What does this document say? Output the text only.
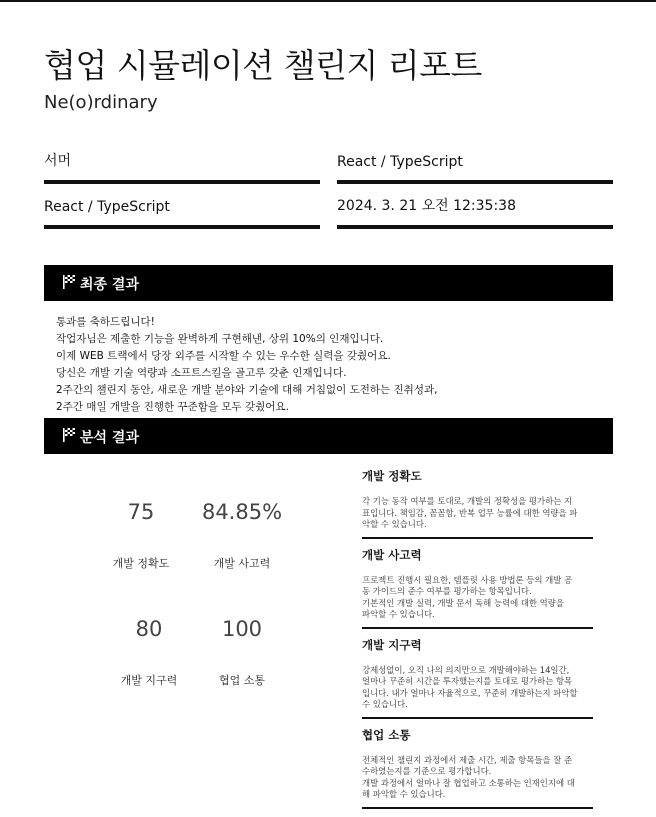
협업 시뮬레이션 챌린지 리포트
Ne(o)rdinary
서머	React / TypeScript
React / TypeScript	2024. 3. 21 오전 12:35:38
최종 결과
통과를 축하드립니다!
작업자님은 제출한 기능을 완벽하게 구현해낸, 상위 10%의 인재입니다.
이제 WEB 트랙에서 당장 외주를 시작할 수 있는 우수한 실력을 갖췄어요.
당신은 개발 기술 역량과 소프트스킬을 골고루 갖춘 인재입니다.
2주간의 챌린지 동안, 새로운 개발 분야와 기술에 대해 거침없이 도전하는 진취성과,
2주간 매일 개발을 진행한 꾸준함을 모두 갖췄어요.
분석 결과
75
개발 정확도
84.85%
개발 사고력
80
개발 지구력
100
협업 소통
개발 정확도
각 기능 동작 여부를 토대로, 개발의 정확성을 평가하는 지
표입니다. 책임감, 꼼꼼함, 반복 업무 능률에 대한 역량을 파
악할 수 있습니다.
개발 사고력
프로젝트 진행시 필요한, 템플릿 사용 방법론 등의 개발 공
동 가이드의 준수 여부를 평가하는 항목입니다.
기본적인 개발 실력, 개발 문서 독해 능력에 대한 역량을
파악할 수 있습니다.
개발 지구력
강제성없이, 오직 나의 의지만으로 개발해야하는 14일간,
얼마나 꾸준히 시간을 투자했는지를 토대로 평가하는 항목
입니다. 내가 얼마나 자율적으로, 꾸준히 개발하는지 파악할
수 있습니다.
협업 소통
전체적인 챌린지 과정에서 제출 시간, 제출 항목들을 잘 준
수하였는지를 기준으로 평가합니다.
개발 과정에서 얼마나 잘 협업하고 소통하는 인재인지에 대
해 파악할 수 있습니다.
